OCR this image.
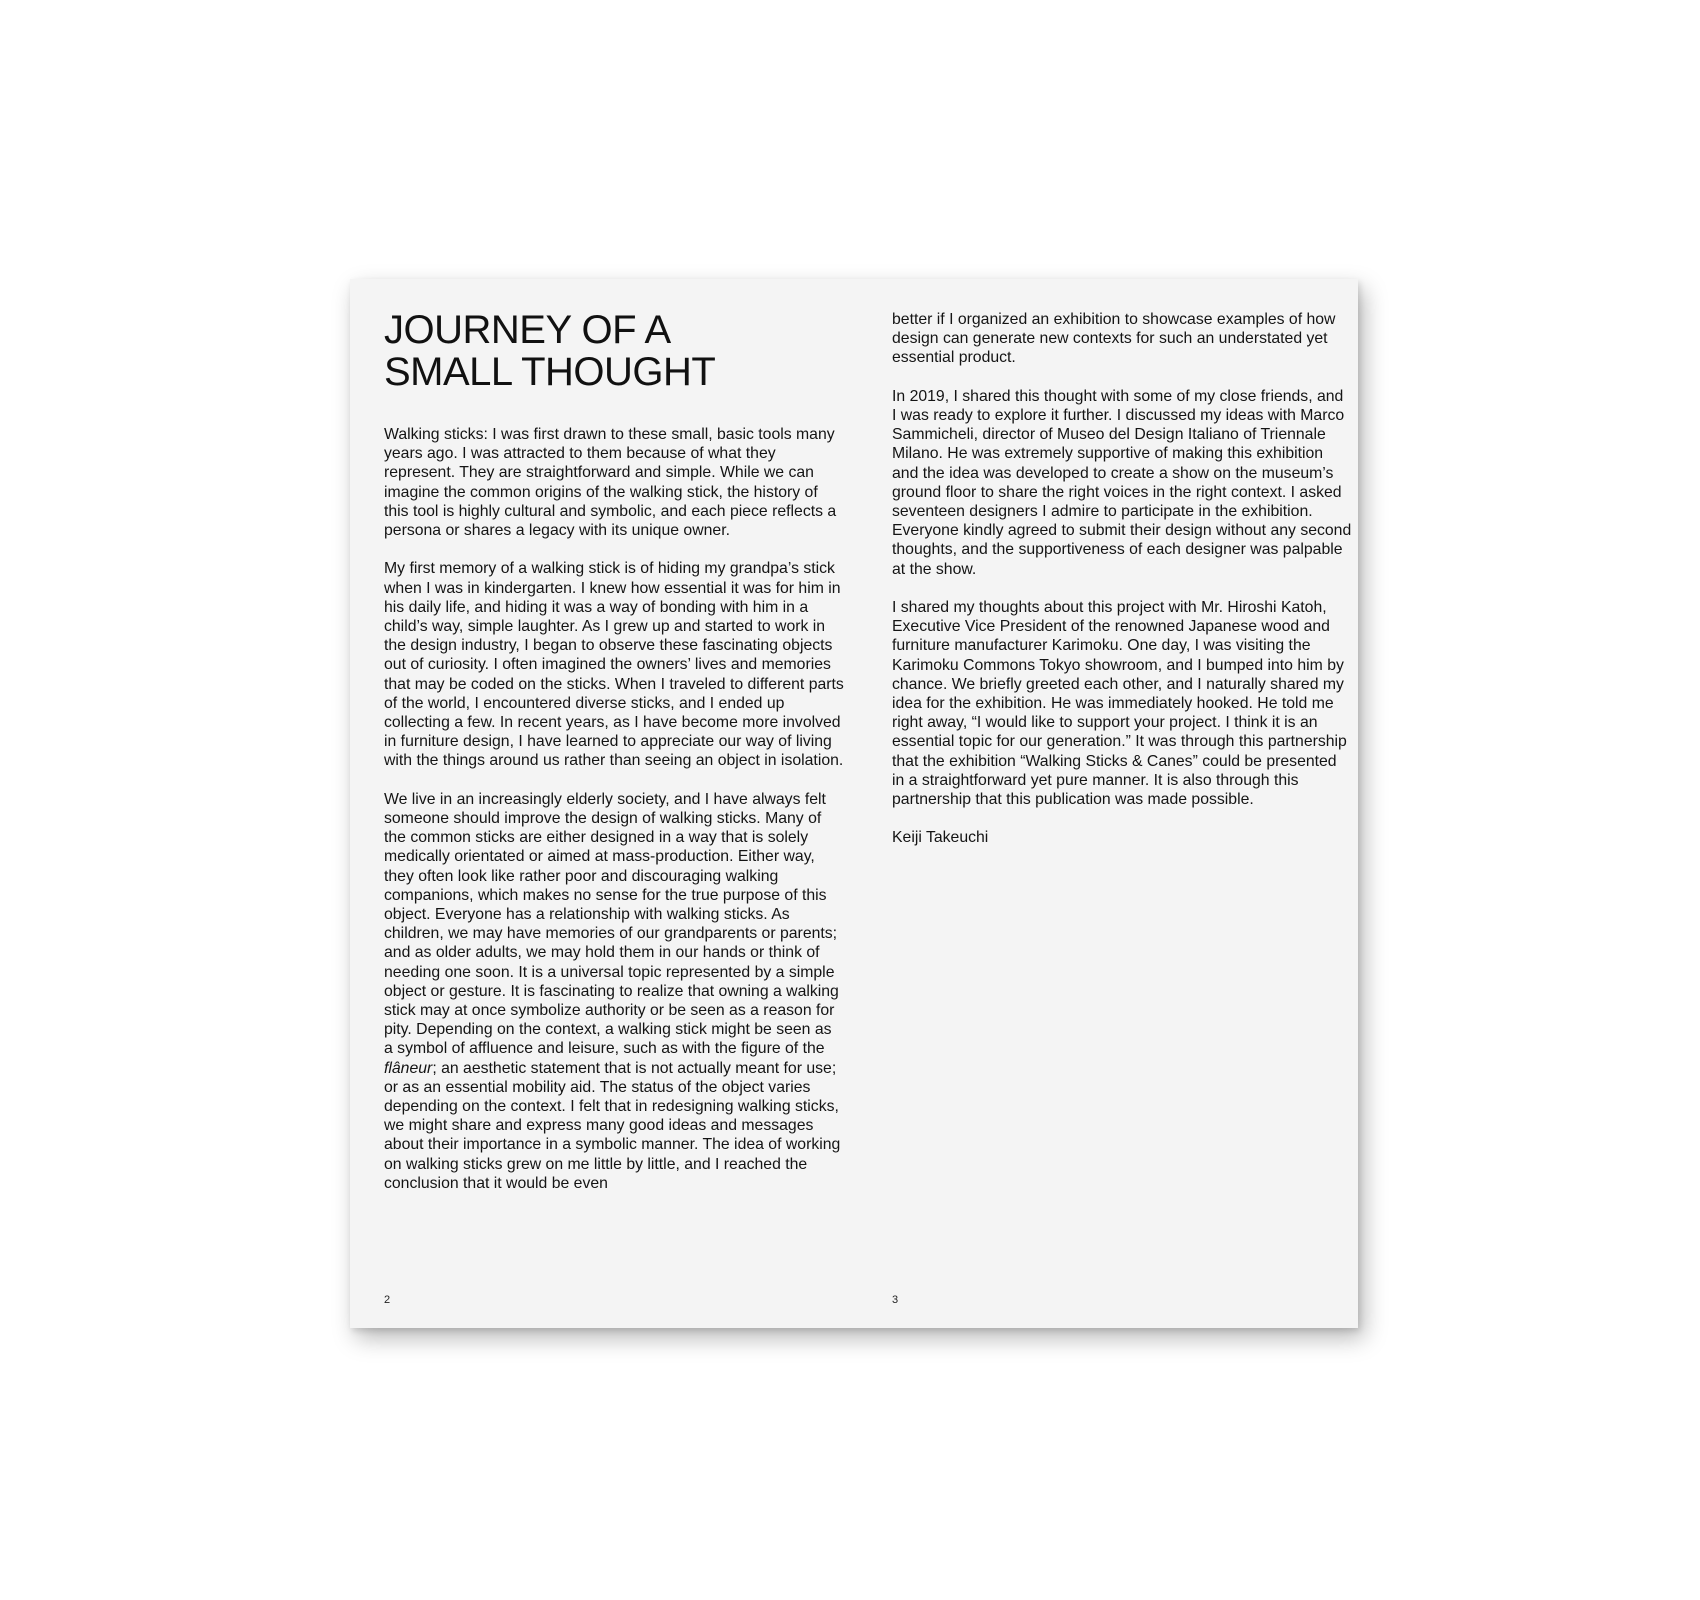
JOURNEY OF A
SMALL THOUGHT

Walking sticks: I was first drawn to these small, basic tools many years ago. I was attracted to them because of what they represent. They are straightforward and simple. While we can imagine the common origins of the walking stick, the history of this tool is highly cultural and symbolic, and each piece reflects a persona or shares a legacy with its unique owner.

My first memory of a walking stick is of hiding my grandpa’s stick when I was in kindergarten. I knew how essential it was for him in his daily life, and hiding it was a way of bonding with him in a child’s way, simple laughter. As I grew up and started to work in the design industry, I began to observe these fascinating objects out of curiosity. I often imagined the owners’ lives and memories that may be coded on the sticks. When I traveled to different parts of the world, I encountered diverse sticks, and I ended up collecting a few. In recent years, as I have become more involved in furniture design, I have learned to appreciate our way of living with the things around us rather than seeing an object in isolation.

We live in an increasingly elderly society, and I have always felt someone should improve the design of walking sticks. Many of the common sticks are either designed in a way that is solely medically orientated or aimed at mass-production. Either way, they often look like rather poor and discouraging walking companions, which makes no sense for the true purpose of this object. Everyone has a relationship with walking sticks. As children, we may have memories of our grandparents or parents; and as older adults, we may hold them in our hands or think of needing one soon. It is a universal topic represented by a simple object or gesture. It is fascinating to realize that owning a walking stick may at once symbolize authority or be seen as a reason for pity. Depending on the context, a walking stick might be seen as a symbol of affluence and leisure, such as with the figure of the flâneur; an aesthetic statement that is not actually meant for use; or as an essential mobility aid. The status of the object varies depending on the context. I felt that in redesigning walking sticks, we might share and express many good ideas and messages about their importance in a symbolic manner. The idea of working on walking sticks grew on me little by little, and I reached the conclusion that it would be even

2

better if I organized an exhibition to showcase examples of how design can generate new contexts for such an understated yet essential product.

In 2019, I shared this thought with some of my close friends, and I was ready to explore it further. I discussed my ideas with Marco Sammicheli, director of Museo del Design Italiano of Triennale Milano. He was extremely supportive of making this exhibition and the idea was developed to create a show on the museum’s ground floor to share the right voices in the right context. I asked seventeen designers I admire to participate in the exhibition. Everyone kindly agreed to submit their design without any second thoughts, and the supportiveness of each designer was palpable at the show.

I shared my thoughts about this project with Mr. Hiroshi Katoh, Executive Vice President of the renowned Japanese wood and furniture manufacturer Karimoku. One day, I was visiting the Karimoku Commons Tokyo showroom, and I bumped into him by chance. We briefly greeted each other, and I naturally shared my idea for the exhibition. He was immediately hooked. He told me right away, “I would like to support your project. I think it is an essential topic for our generation.” It was through this partnership that the exhibition “Walking Sticks & Canes” could be presented in a straightforward yet pure manner. It is also through this partnership that this publication was made possible.

Keiji Takeuchi

3
